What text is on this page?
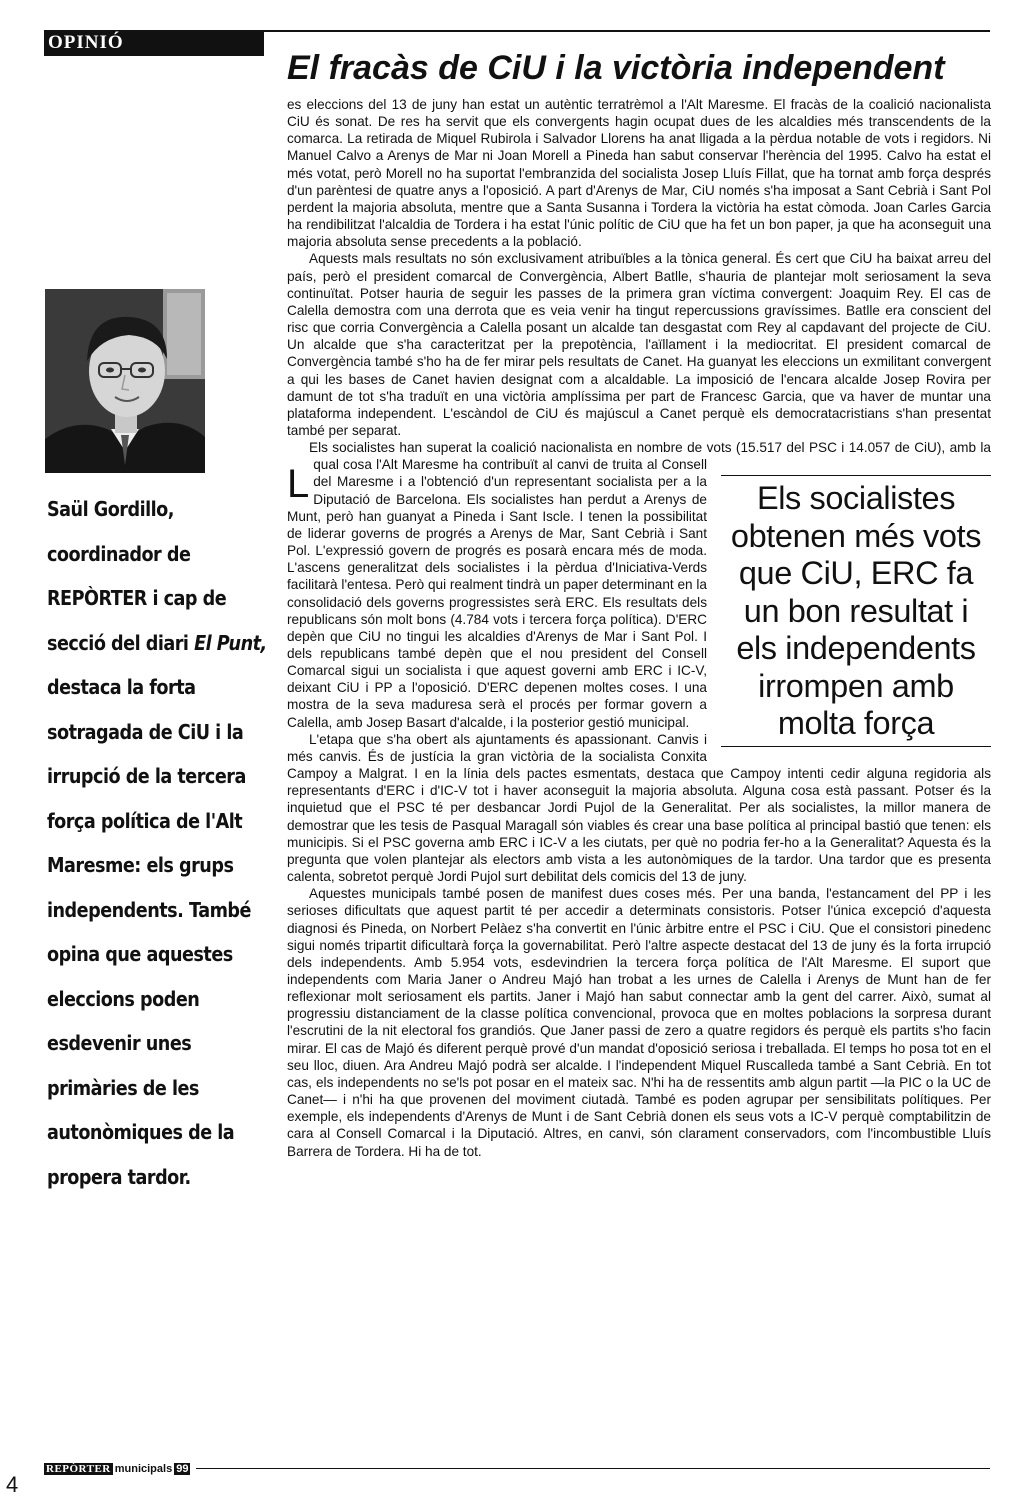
OPINIÓ
El fracàs de CiU i la victòria independent

Saül Gordillo, coordinador de REPÒRTER i cap de secció del diari El Punt, destaca la forta sotragada de CiU i la irrupció de la tercera força política de l'Alt Maresme: els grups independents. També opina que aquestes eleccions poden esdevenir unes primàries de les autonòmiques de la propera tardor.

Els socialistes obtenen més vots que CiU, ERC fa un bon resultat i els independents irrompen amb molta força

L
es eleccions del 13 de juny han estat un autèntic terratrèmol a l'Alt Maresme. El fracàs de la coalició nacionalista CiU és sonat. De res ha servit que els convergents hagin ocupat dues de les alcaldies més transcendents de la comarca. La retirada de Miquel Rubirola i Salvador Llorens ha anat lligada a la pèrdua notable de vots i regidors. Ni Manuel Calvo a Arenys de Mar ni Joan Morell a Pineda han sabut conservar l'herència del 1995. Calvo ha estat el més votat, però Morell no ha suportat l'embranzida del socialista Josep Lluís Fillat, que ha tornat amb força després d'un parèntesi de quatre anys a l'oposició. A part d'Arenys de Mar, CiU només s'ha imposat a Sant Cebrià i Sant Pol perdent la majoria absoluta, mentre que a Santa Susanna i Tordera la victòria ha estat còmoda. Joan Carles Garcia ha rendibilitzat l'alcaldia de Tordera i ha estat l'únic polític de CiU que ha fet un bon paper, ja que ha aconseguit una majoria absoluta sense precedents a la població.

Aquests mals resultats no són exclusivament atribuïbles a la tònica general. És cert que CiU ha baixat arreu del país, però el president comarcal de Convergència, Albert Batlle, s'hauria de plantejar molt seriosament la seva continuïtat. Potser hauria de seguir les passes de la primera gran víctima convergent: Joaquim Rey. El cas de Calella demostra com una derrota que es veia venir ha tingut repercussions gravíssimes. Batlle era conscient del risc que corria Convergència a Calella posant un alcalde tan desgastat com Rey al capdavant del projecte de CiU. Un alcalde que s'ha caracteritzat per la prepotència, l'aïllament i la mediocritat. El president comarcal de Convergència també s'ho ha de fer mirar pels resultats de Canet. Ha guanyat les eleccions un exmilitant convergent a qui les bases de Canet havien designat com a alcaldable. La imposició de l'encara alcalde Josep Rovira per damunt de tot s'ha traduït en una victòria amplíssima per part de Francesc Garcia, que va haver de muntar una plataforma independent. L'escàndol de CiU és majúscul a Canet perquè els democratacristians s'han presentat també per separat.

Els socialistes han superat la coalició nacionalista en nombre de vots (15.517 del PSC i 14.057 de CiU), amb la qual cosa l'Alt Maresme ha contribuït al canvi de truita al Consell del Maresme i a l'obtenció d'un representant socialista per a la Diputació de Barcelona. Els socialistes han perdut a Arenys de Munt, però han guanyat a Pineda i Sant Iscle. I tenen la possibilitat de liderar governs de progrés a Arenys de Mar, Sant Cebrià i Sant Pol. L'expressió govern de progrés es posarà encara més de moda. L'ascens generalitzat dels socialistes i la pèrdua d'Iniciativa-Verds facilitarà l'entesa. Però qui realment tindrà un paper determinant en la consolidació dels governs progressistes serà ERC. Els resultats dels republicans són molt bons (4.784 vots i tercera força política). D'ERC depèn que CiU no tingui les alcaldies d'Arenys de Mar i Sant Pol. I dels republicans també depèn que el nou president del Consell Comarcal sigui un socialista i que aquest governi amb ERC i IC-V, deixant CiU i PP a l'oposició. D'ERC depenen moltes coses. I una mostra de la seva maduresa serà el procés per formar govern a Calella, amb Josep Basart d'alcalde, i la posterior gestió municipal.

L'etapa que s'ha obert als ajuntaments és apassionant. Canvis i més canvis. És de justícia la gran victòria de la socialista Conxita Campoy a Malgrat. I en la línia dels pactes esmentats, destaca que Campoy intenti cedir alguna regidoria als representants d'ERC i d'IC-V tot i haver aconseguit la majoria absoluta. Alguna cosa està passant. Potser és la inquietud que el PSC té per desbancar Jordi Pujol de la Generalitat. Per als socialistes, la millor manera de demostrar que les tesis de Pasqual Maragall són viables és crear una base política al principal bastió que tenen: els municipis. Si el PSC governa amb ERC i IC-V a les ciutats, per què no podria fer-ho a la Generalitat? Aquesta és la pregunta que volen plantejar als electors amb vista a les autonòmiques de la tardor. Una tardor que es presenta calenta, sobretot perquè Jordi Pujol surt debilitat dels comicis del 13 de juny.

Aquestes municipals també posen de manifest dues coses més. Per una banda, l'estancament del PP i les serioses dificultats que aquest partit té per accedir a determinats consistoris. Potser l'única excepció d'aquesta diagnosi és Pineda, on Norbert Pelàez s'ha convertit en l'únic àrbitre entre el PSC i CiU. Que el consistori pinedenc sigui només tripartit dificultarà força la governabilitat. Però l'altre aspecte destacat del 13 de juny és la forta irrupció dels independents. Amb 5.954 vots, esdevindrien la tercera força política de l'Alt Maresme. El suport que independents com Maria Janer o Andreu Majó han trobat a les urnes de Calella i Arenys de Munt han de fer reflexionar molt seriosament els partits. Janer i Majó han sabut connectar amb la gent del carrer. Això, sumat al progressiu distanciament de la classe política convencional, provoca que en moltes poblacions la sorpresa durant l'escrutini de la nit electoral fos grandiós. Que Janer passi de zero a quatre regidors és perquè els partits s'ho facin mirar. El cas de Majó és diferent perquè prové d'un mandat d'oposició seriosa i treballada. El temps ho posa tot en el seu lloc, diuen. Ara Andreu Majó podrà ser alcalde. I l'independent Miquel Ruscalleda també a Sant Cebrià. En tot cas, els independents no se'ls pot posar en el mateix sac. N'hi ha de ressentits amb algun partit —la PIC o la UC de Canet— i n'hi ha que provenen del moviment ciutadà. També es poden agrupar per sensibilitats polítiques. Per exemple, els independents d'Arenys de Munt i de Sant Cebrià donen els seus vots a IC-V perquè comptabilitzin de cara al Consell Comarcal i la Diputació. Altres, en canvi, són clarament conservadors, com l'incombustible Lluís Barrera de Tordera. Hi ha de tot.

REPÒRTER municipals 99
4
